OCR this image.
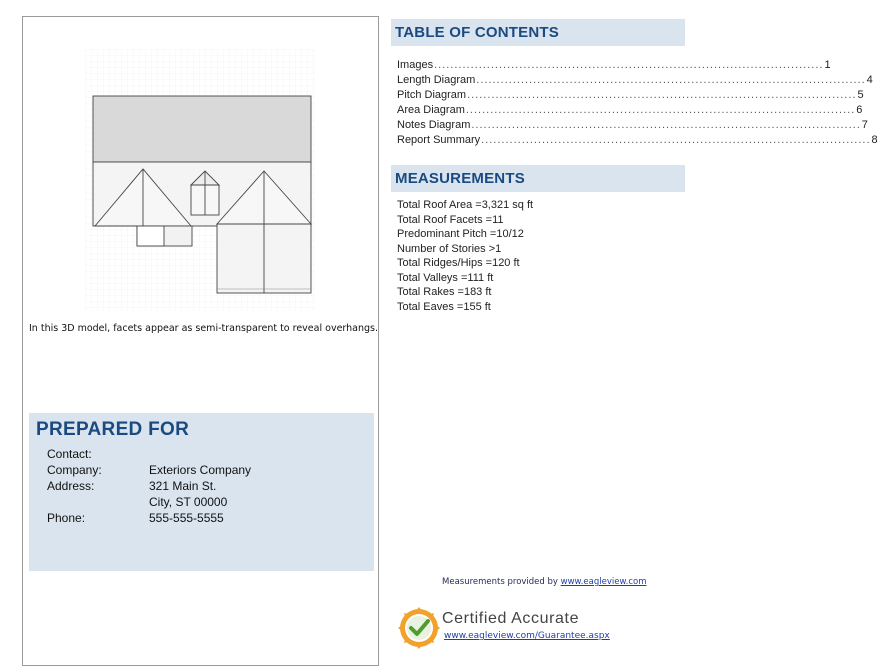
In this 3D model, facets appear as semi-transparent to reveal overhangs.
PREPARED FOR
Contact:
Company:	Exteriors Company
Address:	321 Main St.
City, ST 00000
Phone:	555-555-5555
TABLE OF CONTENTS
Images ................................................................................................ 1
Length Diagram ................................................................................................ 4
Pitch Diagram ................................................................................................ 5
Area Diagram ................................................................................................ 6
Notes Diagram ................................................................................................ 7
Report Summary ................................................................................................ 8
MEASUREMENTS
Total Roof Area =3,321 sq ft
Total Roof Facets =11
Predominant Pitch =10/12
Number of Stories >1
Total Ridges/Hips =120 ft
Total Valleys =111 ft
Total Rakes =183 ft
Total Eaves =155 ft
Measurements provided by www.eagleview.com
Certified Accurate
www.eagleview.com/Guarantee.aspx
